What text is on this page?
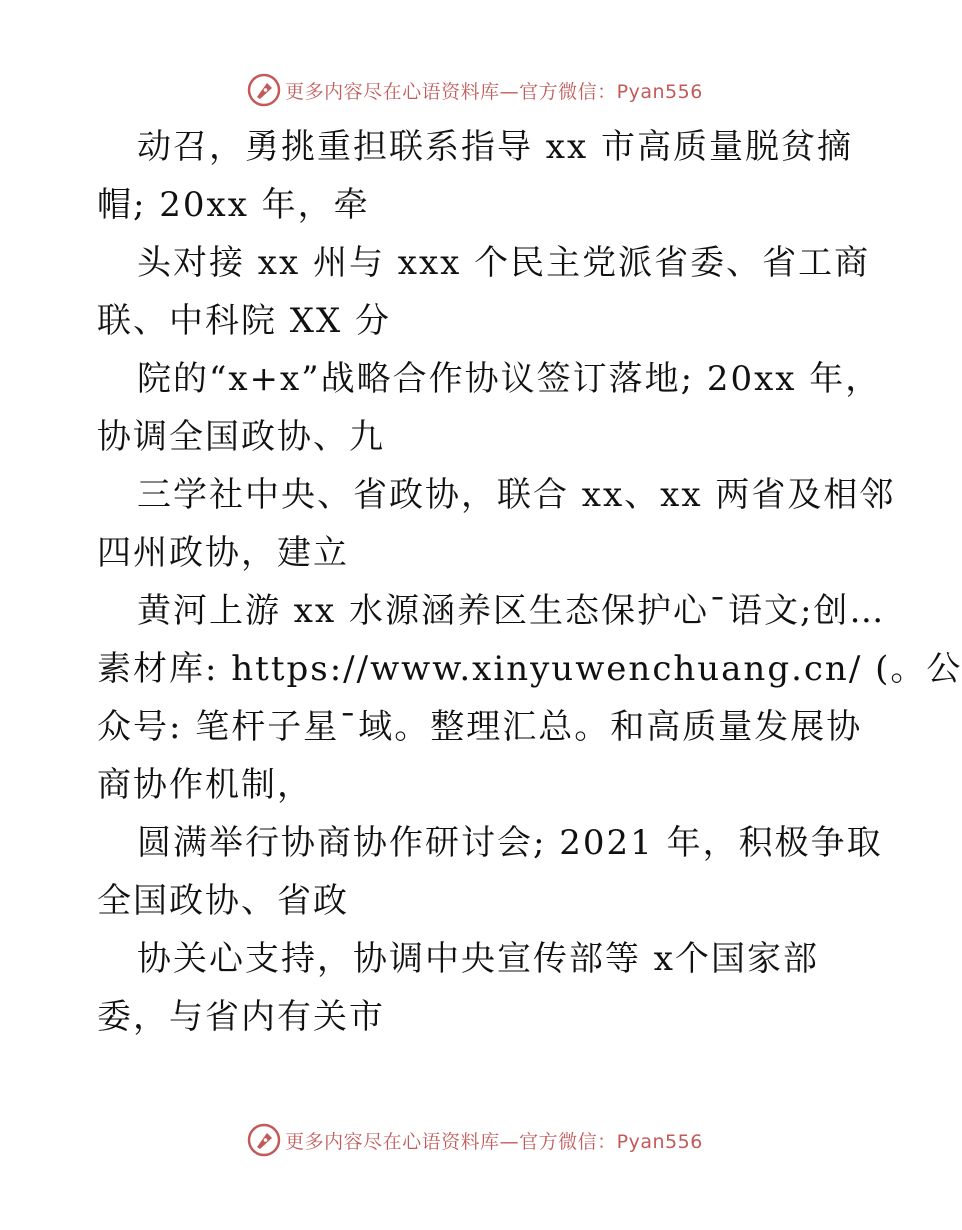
更多内容尽在心语资料库—官方微信：Pyan556
动召，勇挑重担联系指导 xx 市高质量脱贫摘
帽; 20xx 年，牵
头对接 xx 州与 xxx 个民主党派省委、省工商
联、中科院 XX 分
院的“x+x”战略合作协议签订落地; 20xx 年，
协调全国政协、九
三学社中央、省政协，联合 xx、xx 两省及相邻
四州政协，建立
黄河上游 xx 水源涵养区生态保护心¯语文;创…
素材库: https://www.xinyuwenchuang.cn/ (。公
众号: 笔杆子星¯域。整理汇总。和高质量发展协
商协作机制，
圆满举行协商协作研讨会; 2021 年，积极争取
全国政协、省政
协关心支持，协调中央宣传部等 x个国家部
委，与省内有关市
更多内容尽在心语资料库—官方微信：Pyan556
